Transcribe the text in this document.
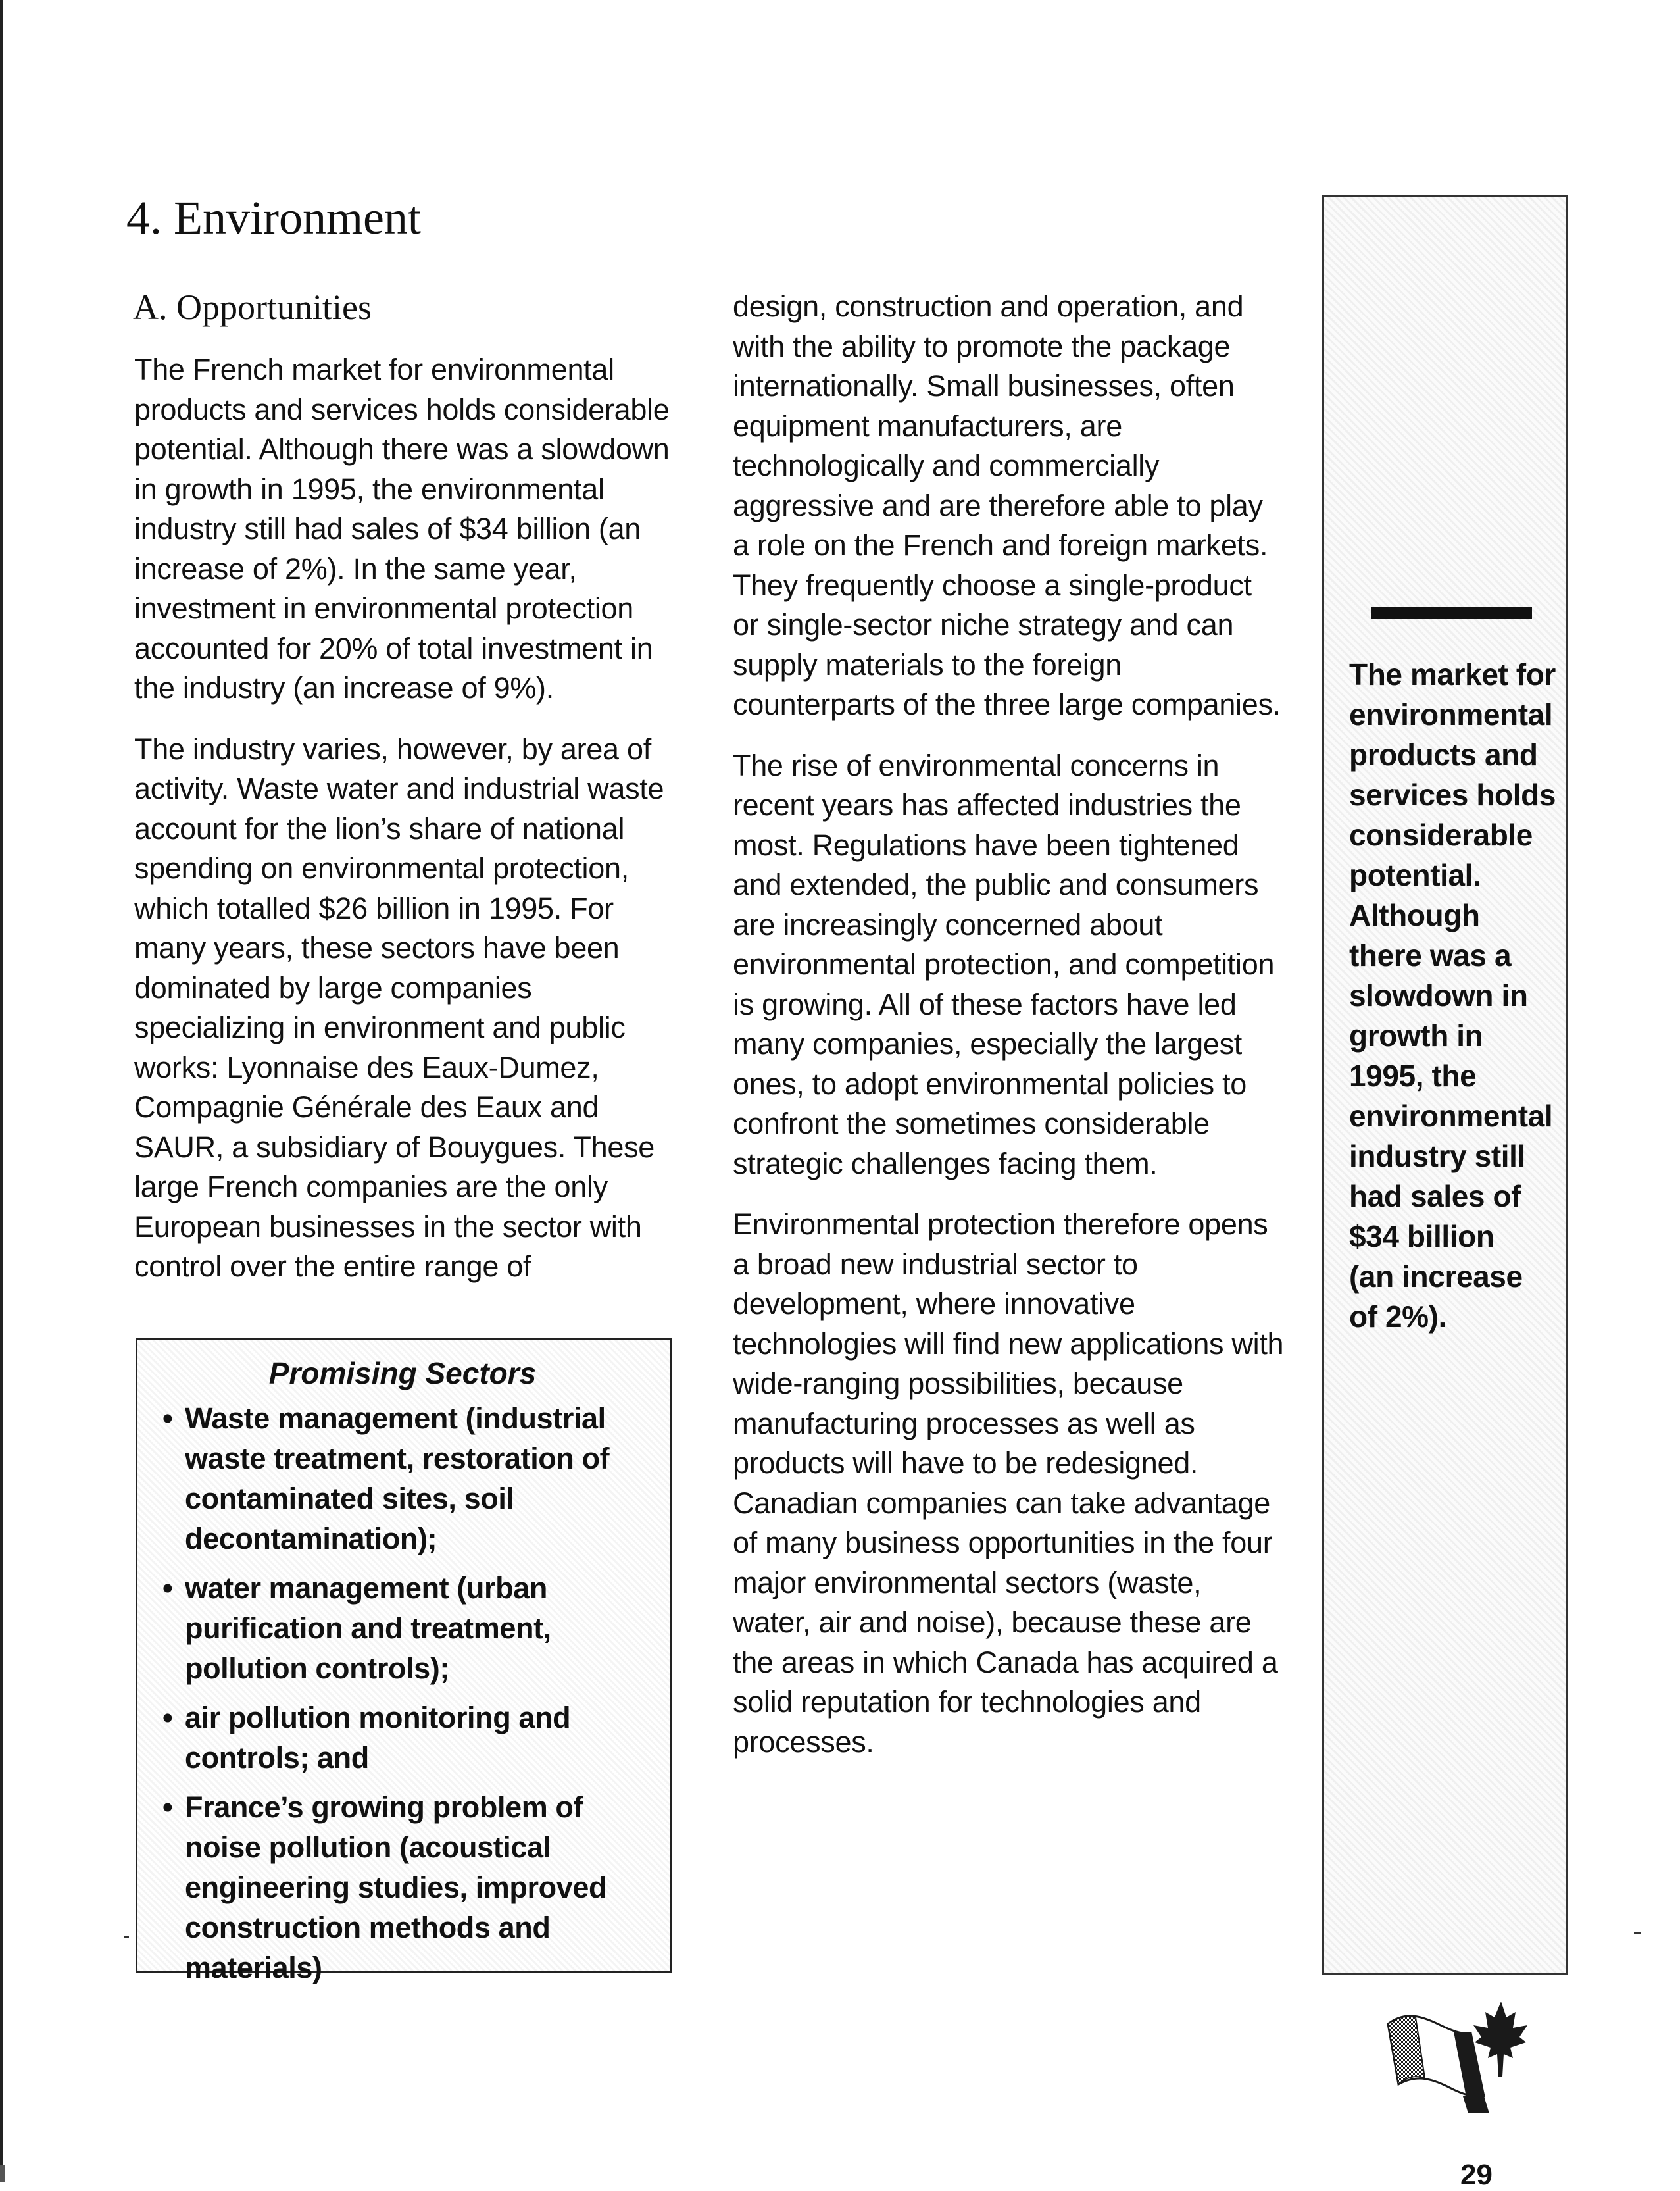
4. Environment
A. Opportunities

The French market for environmental products and services holds considerable potential. Although there was a slowdown in growth in 1995, the environmental industry still had sales of $34 billion (an increase of 2%). In the same year, investment in environmental protection accounted for 20% of total investment in the industry (an increase of 9%).

The industry varies, however, by area of activity. Waste water and industrial waste account for the lion’s share of national spending on environmental protection, which totalled $26 billion in 1995. For many years, these sectors have been dominated by large companies specializing in environment and public works: Lyonnaise des Eaux-Dumez, Compagnie Générale des Eaux and SAUR, a subsidiary of Bouygues. These large French companies are the only European businesses in the sector with control over the entire range of

Promising Sectors
• Waste management (industrial waste treatment, restoration of contaminated sites, soil decontamination);
• water management (urban purification and treatment, pollution controls);
• air pollution monitoring and controls; and
• France’s growing problem of noise pollution (acoustical engineering studies, improved construction methods and materials)

design, construction and operation, and with the ability to promote the package internationally. Small businesses, often equipment manufacturers, are technologically and commercially aggressive and are therefore able to play a role on the French and foreign markets. They frequently choose a single-product or single-sector niche strategy and can supply materials to the foreign counterparts of the three large companies.

The rise of environmental concerns in recent years has affected industries the most. Regulations have been tightened and extended, the public and consumers are increasingly concerned about environmental protection, and competition is growing. All of these factors have led many companies, especially the largest ones, to adopt environmental policies to confront the sometimes considerable strategic challenges facing them.

Environmental protection therefore opens a broad new industrial sector to development, where innovative technologies will find new applications with wide-ranging possibilities, because manufacturing processes as well as products will have to be redesigned. Canadian companies can take advantage of many business opportunities in the four major environmental sectors (waste, water, air and noise), because these are the areas in which Canada has acquired a solid reputation for technologies and processes.

The market for
environmental
products and
services holds
considerable
potential.
Although
there was a
slowdown in
growth in
1995, the
environmental
industry still
had sales of
$34 billion
(an increase
of 2%).
29
